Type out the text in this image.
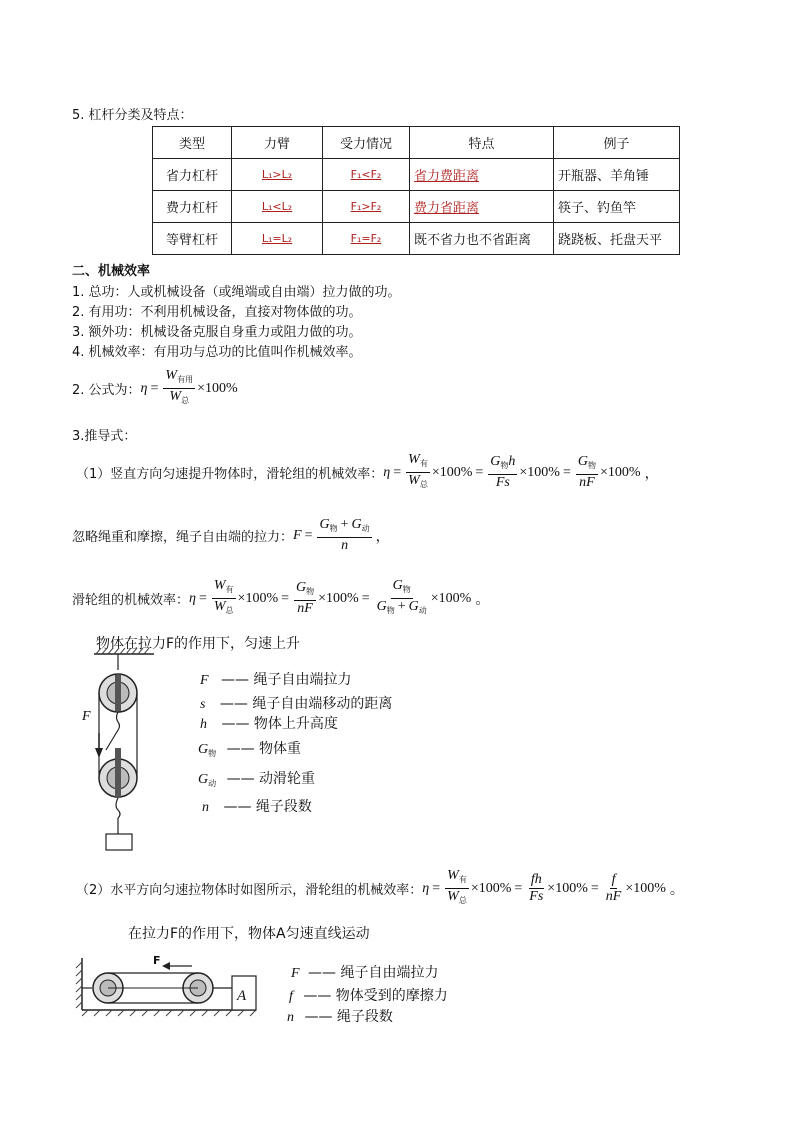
5. 杠杆分类及特点：
类型	力臂	受力情况	特点	例子
省力杠杆	L₁>L₂	F₁<F₂	省力费距离	开瓶器、羊角锤
费力杠杆	L₁<L₂	F₁>F₂	费力省距离	筷子、钓鱼竿
等臂杠杆	L₁=L₂	F₁=F₂	既不省力也不省距离	跷跷板、托盘天平
二、机械效率
1. 总功：人或机械设备（或绳端或自由端）拉力做的功。
2. 有用功：不利用机械设备，直接对物体做的功。
3. 额外功：机械设备克服自身重力或阻力做的功。
4. 机械效率：有用功与总功的比值叫作机械效率。
2. 公式为： $\eta = \frac{W_{有用}}{W_总} \times 100\%$
3.推导式：
（1）竖直方向匀速提升物体时，滑轮组的机械效率： $\eta = \frac{W_有}{W_总} \times 100\% = \frac{G_物h}{Fs} \times 100\% = \frac{G_物}{nF} \times 100\%$ ，
忽略绳重和摩擦，绳子自由端的拉力： $F = \frac{G_物 + G_动}{n}$ ，
滑轮组的机械效率： $\eta = \frac{W_有}{W_总} \times 100\% = \frac{G_物}{nF} \times 100\% = \frac{G_物}{G_物 + G_动} \times 100\%$ 。
物体在拉力F的作用下，匀速上升
F
F —— 绳子自由端拉力
s —— 绳子自由端移动的距离
h —— 物体上升高度
$G_物$ —— 物体重
$G_动$ —— 动滑轮重
n —— 绳子段数
（2）水平方向匀速拉物体时如图所示，滑轮组的机械效率： $\eta = \frac{W_有}{W_总} \times 100\% = \frac{fh}{Fs} \times 100\% = \frac{f}{nF} \times 100\%$ 。
在拉力F的作用下，物体A匀速直线运动
F
A
F —— 绳子自由端拉力
f —— 物体受到的摩擦力
n —— 绳子段数
